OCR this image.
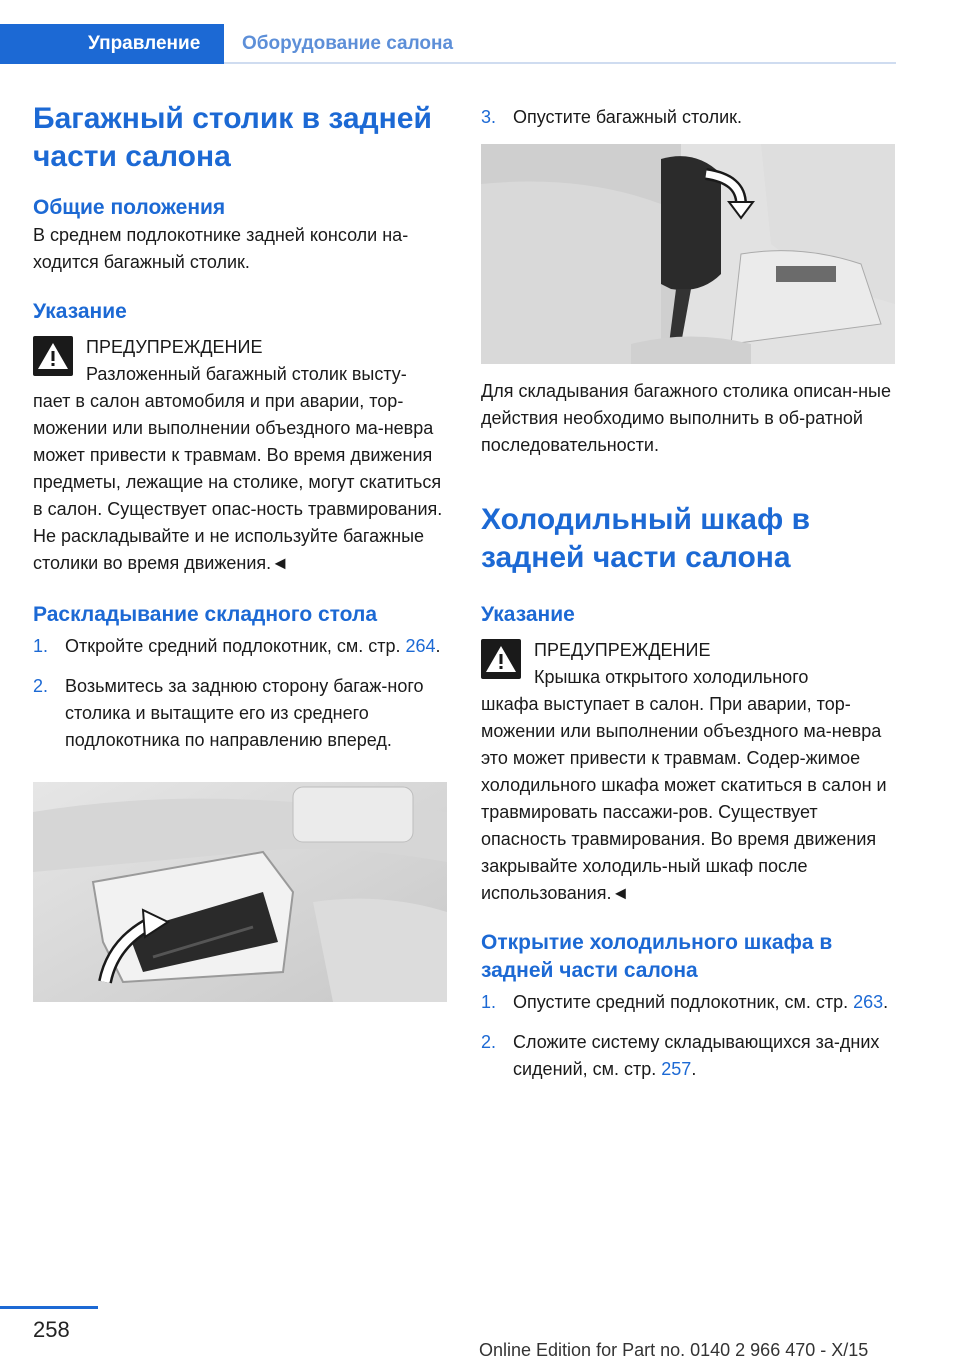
Управление	Оборудование салона
Багажный столик в задней части салона
Общие положения

В среднем подлокотнике задней консоли на-ходится багажный столик.

Указание
ПРЕДУПРЕЖДЕНИЕ
Разложенный багажный столик высту-
пает в салон автомобиля и при аварии, тор-можении или выполнении объездного ма-невра может привести к травмам. Во время движения предметы, лежащие на столике, могут скатиться в салон. Существует опас-ность травмирования. Не раскладывайте и не используйте багажные столики во время движения.◄
Раскладывание складного стола
1. Откройте средний подлокотник, см. стр. 264.
2. Возьмитесь за заднюю сторону багаж-ного столика и вытащите его из среднего подлокотника по направлению вперед.
3. Опустите багажный столик.

Для складывания багажного столика описан-ные действия необходимо выполнить в об-ратной последовательности.

Холодильный шкаф в задней части салона
Указание
ПРЕДУПРЕЖДЕНИЕ
Крышка открытого холодильного
шкафа выступает в салон. При аварии, тор-можении или выполнении объездного ма-невра это может привести к травмам. Содер-жимое холодильного шкафа может скатиться в салон и травмировать пассажи-ров. Существует опасность травмирования. Во время движения закрывайте холодиль-ный шкаф после использования.◄
Открытие холодильного шкафа в задней части салона
1. Опустите средний подлокотник, см. стр. 263.
2. Сложите систему складывающихся за-дних сидений, см. стр. 257.
258
Online Edition for Part no. 0140 2 966 470 - X/15
